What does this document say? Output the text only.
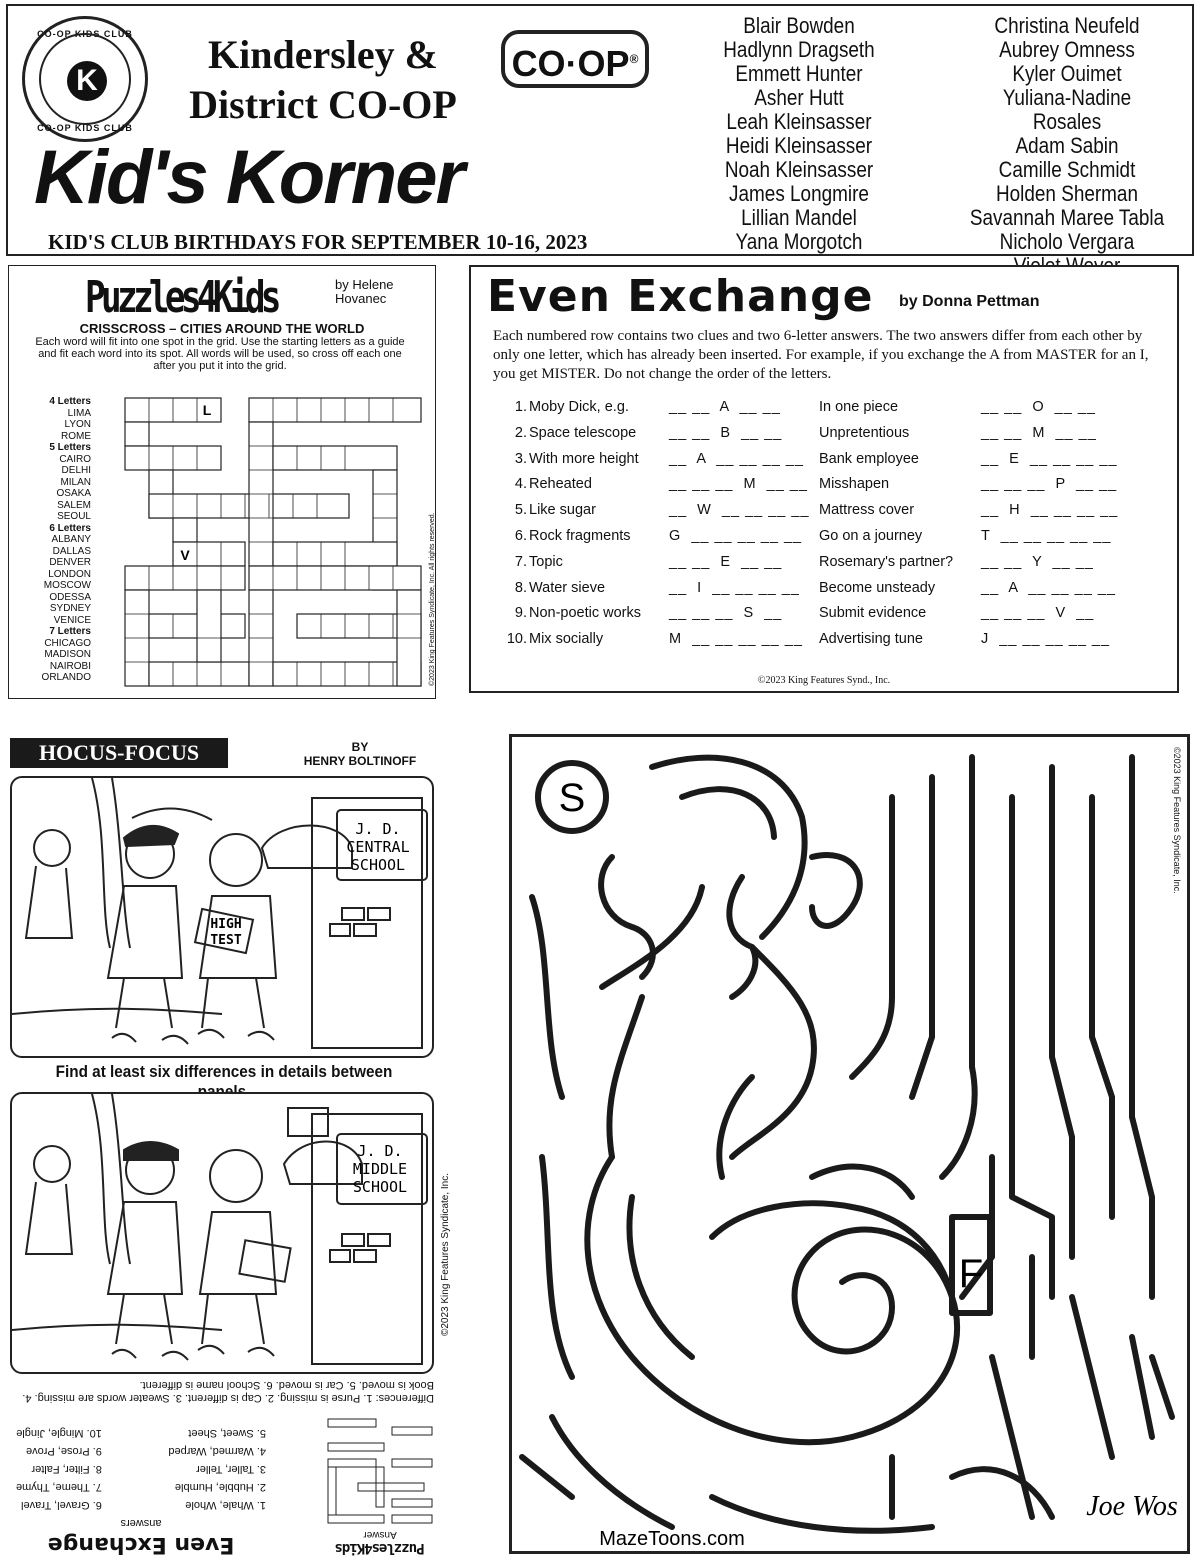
CO-OP KIDS CLUB
K
CO-OP KIDS CLUB
Kindersley &
District CO-OP
CO·OP®
Kid's Korner
KID'S CLUB BIRTHDAYS FOR SEPTEMBER 10-16, 2023
Blair Bowden
Hadlynn Dragseth
Emmett Hunter
Asher Hutt
Leah Kleinsasser
Heidi Kleinsasser
Noah Kleinsasser
James Longmire
Lillian Mandel
Yana Morgotch
Christina Neufeld
Aubrey Omness
Kyler Ouimet
Yuliana-Nadine Rosales
Adam Sabin
Camille Schmidt
Holden Sherman
Savannah Maree Tabla
Nicholo Vergara
Puzzles4Kids	by Helene
Hovanec
CRISSCROSS – CITIES AROUND THE WORLD
Each word will fit into one spot in the grid. Use the starting letters as a guide and fit each word into its spot. All words will be used, so cross off each one after you put it into the grid.
4 Letters
LIMA
LYON
ROME
5 Letters
CAIRO
DELHI
MILAN
OSAKA
SALEM
SEOUL
6 Letters
ALBANY
DALLAS
DENVER
LONDON
MOSCOW
ODESSA
SYDNEY
VENICE
7 Letters
CHICAGO
MADISON
NAIROBI
ORLANDO
L
V	©2023 King Features Syndicate, Inc. All rights reserved.
Even Exchange by Donna Pettman
Each numbered row contains two clues and two 6-letter answers. The two answers differ from each other by only one letter, which has already been inserted. For example, if you exchange the A from MASTER for an I, you get MISTER. Do not change the order of the letters.
1. Moby Dick, e.g.	__ __  A  __ __	In one piece	__ __  O  __ __
2. Space telescope __ __  B  __ __	Unpretentious	__ __  M  __ __
3. With more height __  A  __ __ __ __ Bank employee	__  E  __ __ __ __
4. Reheated	__ __ __  M  __ __ Misshapen	__ __ __  P  __ __
5. Like sugar	__  W  __ __ __ __ Mattress cover	__  H  __ __ __ __
6. Rock fragments	G  __ __ __ __ __ Go on a journey	T  __ __ __ __ __
7. Topic	__ __  E  __ __	Rosemary's partner? __ __  Y  __ __
8. Water sieve	__  I  __ __ __ __ Become unsteady	__  A  __ __ __ __
9. Non-poetic works __ __ __  S  __	Submit evidence	__ __ __  V  __
10. Mix socially	M  __ __ __ __ __ Advertising tune	J  __ __ __ __ __
©2023 King Features Synd., Inc.
HOCUS-FOCUS	BY
HENRY BOLTINOFF
J. D.
CENTRAL
SCHOOL
HIGH
TEST
Find at least six differences in details between
J. D.
MIDDLE
SCHOOL	©2023 King Features Syndicate, Inc.
Differences: 1. Purse is missing. 2. Cap is different. 3. Sweater words are missing. 4. Book is moved. 5. Car is moved. 6. School name is different.
Puzzles4Kids
Answer
Even Exchange
answers
1. Whale, Whole
2. Hubble, Humble
3. Taller, Teller
4. Warmed, Warped
5. Sweet, Sheet
6. Gravel, Travel
7. Theme, Thyme
8. Filter, Falter
9. Prose, Prove
10. Mingle, Jingle
S
F
Joe Wos
MazeToons.com
©2023 King Features Syndicate, Inc.
